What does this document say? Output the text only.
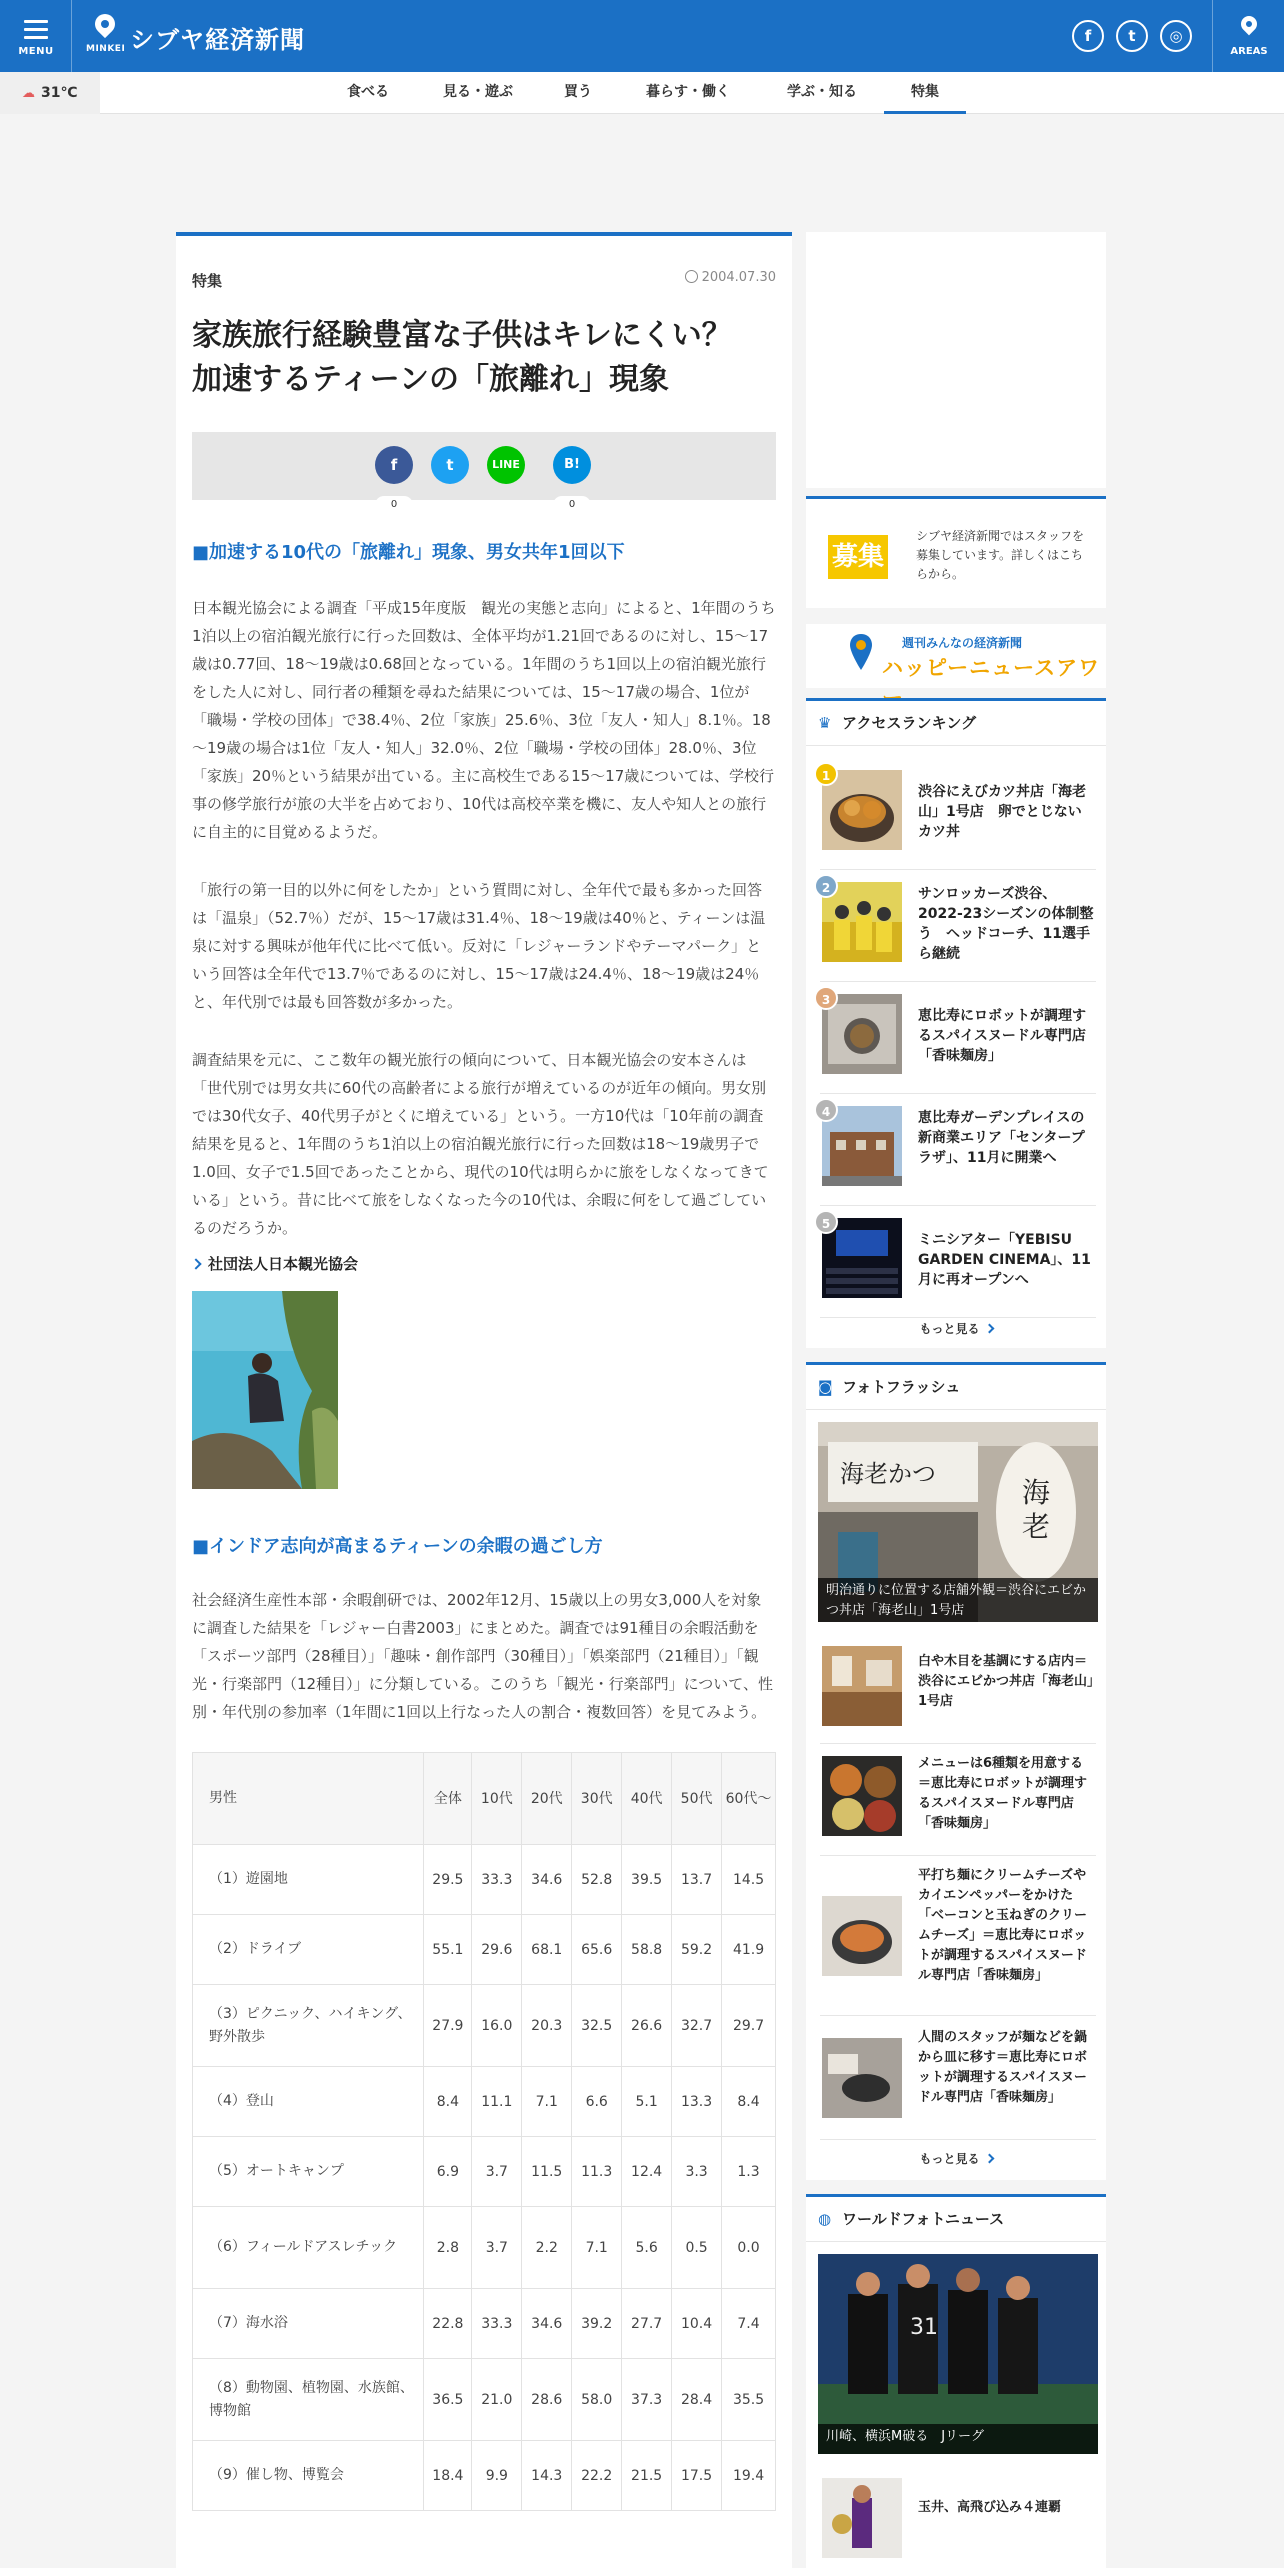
MENU	MINKEI シブヤ経済新聞	f	t	◎
AREAS
☁ 31℃	食べる	見る・遊ぶ	買う	暮らす・働く	学ぶ・知る	特集
特集	2004.07.30
家族旅行経験豊富な子供はキレにくい？
加速するティーンの「旅離れ」現象
f
0
t	LINE	B!
0
■加速する10代の「旅離れ」現象、男女共年1回以下

日本観光協会による調査「平成15年度版　観光の実態と志向」によると、1年間のうち1泊以上の宿泊観光旅行に行った回数は、全体平均が1.21回であるのに対し、15～17歳は0.77回、18～19歳は0.68回となっている。1年間のうち1回以上の宿泊観光旅行をした人に対し、同行者の種類を尋ねた結果については、15～17歳の場合、1位が「職場・学校の団体」で38.4％、2位「家族」25.6％、3位「友人・知人」8.1％。18～19歳の場合は1位「友人・知人」32.0％、2位「職場・学校の団体」28.0％、3位「家族」20％という結果が出ている。主に高校生である15～17歳については、学校行事の修学旅行が旅の大半を占めており、10代は高校卒業を機に、友人や知人との旅行に自主的に目覚めるようだ。

「旅行の第一目的以外に何をしたか」という質問に対し、全年代で最も多かった回答は「温泉」（52.7％）だが、15～17歳は31.4％、18～19歳は40％と、ティーンは温泉に対する興味が他年代に比べて低い。反対に「レジャーランドやテーマパーク」という回答は全年代で13.7％であるのに対し、15～17歳は24.4％、18～19歳は24％と、年代別では最も回答数が多かった。

調査結果を元に、ここ数年の観光旅行の傾向について、日本観光協会の安本さんは「世代別では男女共に60代の高齢者による旅行が増えているのが近年の傾向。男女別では30代女子、40代男子がとくに増えている」という。一方10代は「10年前の調査結果を見ると、1年間のうち1泊以上の宿泊観光旅行に行った回数は18～19歳男子で1.0回、女子で1.5回であったことから、現代の10代は明らかに旅をしなくなってきている」という。昔に比べて旅をしなくなった今の10代は、余暇に何をして過ごしているのだろうか。

社団法人日本観光協会
■インドア志向が高まるティーンの余暇の過ごし方

社会経済生産性本部・余暇創研では、2002年12月、15歳以上の男女3,000人を対象に調査した結果を「レジャー白書2003」にまとめた。調査では91種目の余暇活動を「スポーツ部門（28種目）」「趣味・創作部門（30種目）」「娯楽部門（21種目）」「観光・行楽部門（12種目）」に分類している。このうち「観光・行楽部門」について、性別・年代別の参加率（1年間に1回以上行なった人の割合・複数回答）を見てみよう。

男性	全体	10代	20代	30代	40代	50代	60代～
（1）遊園地	29.5	33.3	34.6	52.8	39.5	13.7	14.5
（2）ドライブ	55.1	29.6	68.1	65.6	58.8	59.2	41.9
（3）ピクニック、ハイキング、野外散歩	27.9	16.0	20.3	32.5	26.6	32.7	29.7
（4）登山	8.4	11.1	7.1	6.6	5.1	13.3	8.4
（5）オートキャンプ	6.9	3.7	11.5	11.3	12.4	3.3	1.3
（6）フィールドアスレチック	2.8	3.7	2.2	7.1	5.6	0.5	0.0
（7）海水浴	22.8	33.3	34.6	39.2	27.7	10.4	7.4
（8）動物園、植物園、水族館、博物館	36.5	21.0	28.6	58.0	37.3	28.4	35.5
（9）催し物、博覧会	18.4	9.9	14.3	22.2	21.5	17.5	19.4
募集
シブヤ経済新聞ではスタッフを募集しています。詳しくはこちらから。
週刊みんなの経済新聞
ハッピーニュースアワ
♛ アクセスランキング
1
渋谷にえびカツ丼店「海老山」1号店　卵でとじないカツ丼
2	サンロッカーズ渋谷、2022-23シーズンの体制整う　ヘッドコーチ、11選手ら継続
3
恵比寿にロボットが調理するスパイスヌードル専門店「香味麺房」
4	恵比寿ガーデンプレイスの新商業エリア「センタープラザ」、11月に開業へ
5
ミニシアター「YEBISU GARDEN CINEMA」、11月に再オープンへ
もっと見る
◙ フォトフラッシュ
海老かつ
海
老
明治通りに位置する店舗外観＝渋谷にエビかつ丼店「海老山」1号店
白や木目を基調にする店内＝渋谷にエビかつ丼店「海老山」1号店
メニューは6種類を用意する＝恵比寿にロボットが調理するスパイスヌードル専門店「香味麺房」
平打ち麺にクリームチーズやカイエンペッパーをかけた「ベーコンと玉ねぎのクリームチーズ」＝恵比寿にロボットが調理するスパイスヌードル専門店「香味麺房」
人間のスタッフが麺などを鍋から皿に移す＝恵比寿にロボットが調理するスパイスヌードル専門店「香味麺房」
もっと見る
◍ ワールドフォトニュース
31
川崎、横浜M破る　Jリーグ
玉井、高飛び込み４連覇
